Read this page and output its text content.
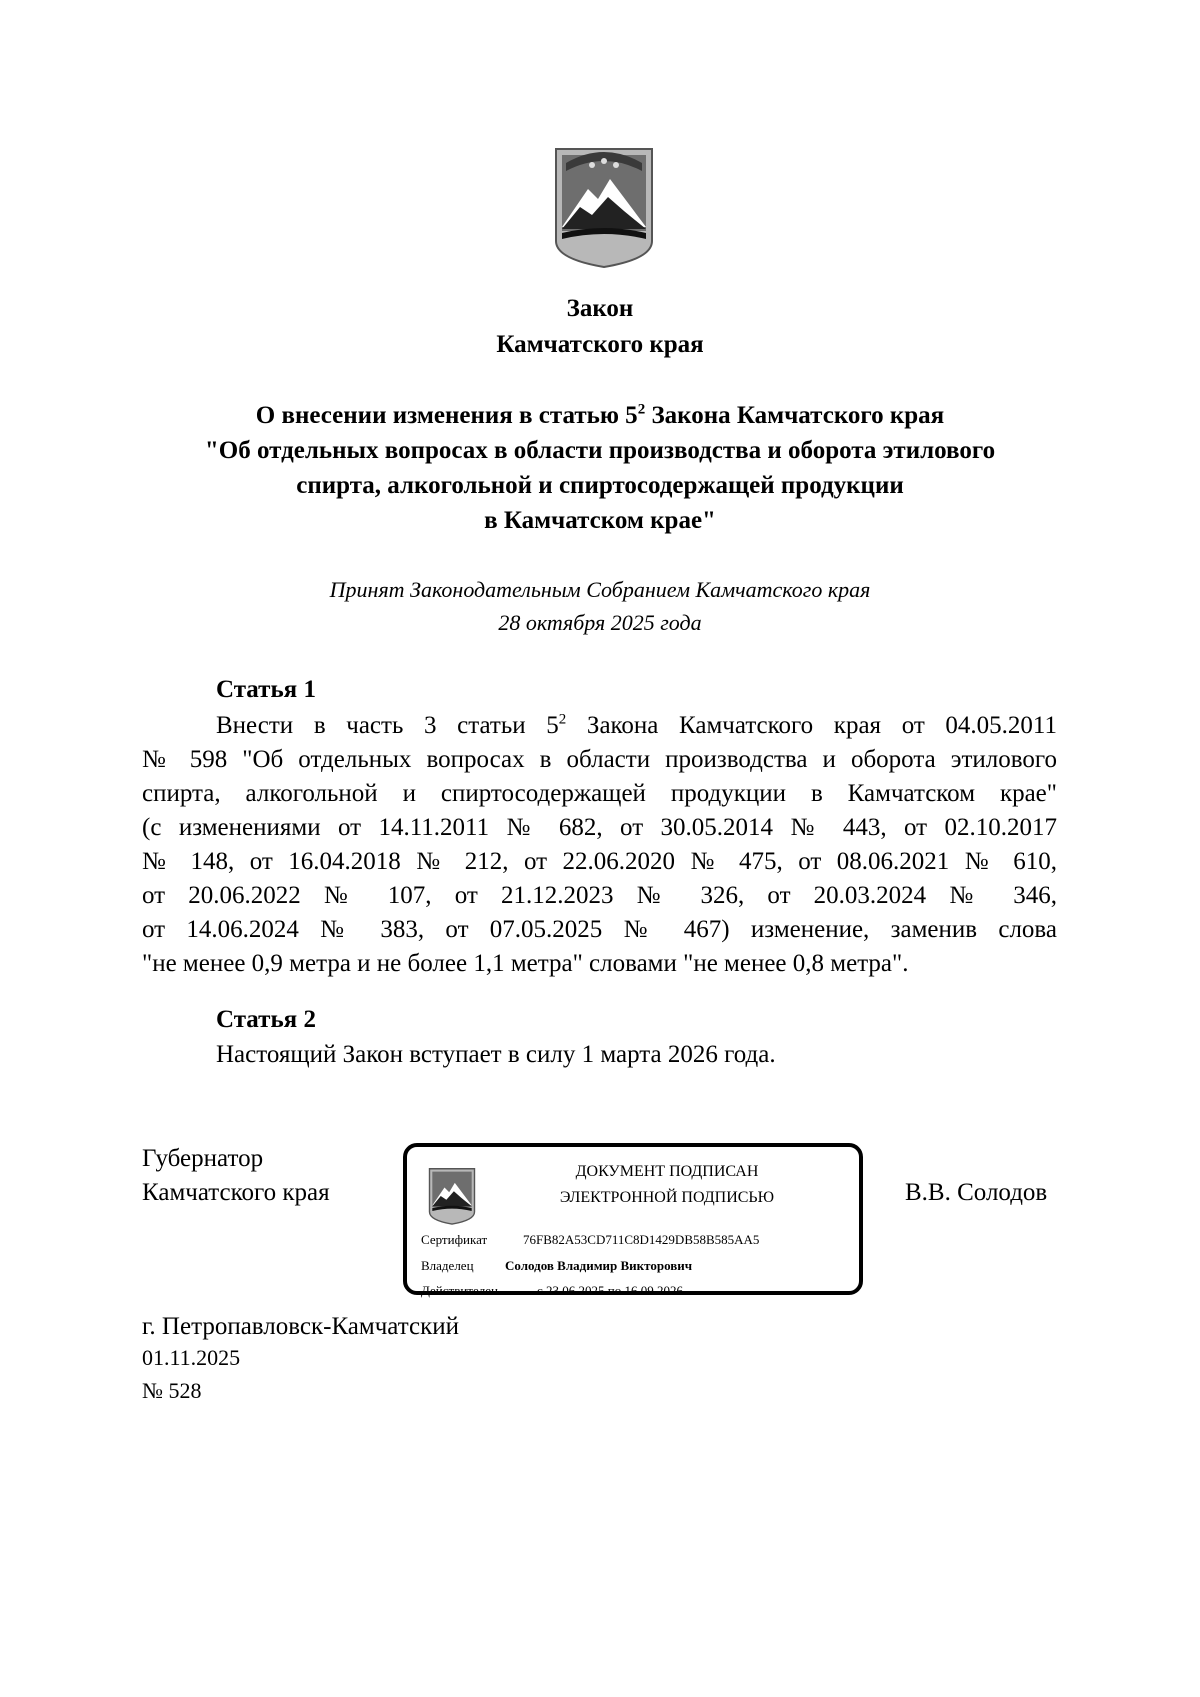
Закон
Камчатского края
О внесении изменения в статью $5^2$ Закона Камчатского края
"Об отдельных вопросах в области производства и оборота этилового
спирта, алкогольной и спиртосодержащей продукции
в Камчатском крае"
Принят Законодательным Собранием Камчатского края
28 октября 2025 года
Статья 1
Внести в часть 3 статьи $5^2$ Закона Камчатского края от 04.05.2011
№ 598 "Об отдельных вопросах в области производства и оборота этилового
спирта, алкогольной и спиртосодержащей продукции в Камчатском крае"
(с изменениями от 14.11.2011 № 682, от 30.05.2014 № 443, от 02.10.2017
№ 148, от 16.04.2018 № 212, от 22.06.2020 № 475, от 08.06.2021 № 610,
от 20.06.2022 № 107, от 21.12.2023 № 326, от 20.03.2024 № 346,
от 14.06.2024 № 383, от 07.05.2025 № 467) изменение, заменив слова
"не менее 0,9 метра и не более 1,1 метра" словами "не менее 0,8 метра".
Статья 2
Настоящий Закон вступает в силу 1 марта 2026 года.
Губернатор
Камчатского края
ДОКУМЕНТ ПОДПИСАН
ЭЛЕКТРОННОЙ ПОДПИСЬЮ
Сертификат	76FB82A53CD711C8D1429DB58B585AA5
Владелец Солодов Владимир Викторович
Действителен	с 23.06.2025 по 16.09.2026
В.В. Солодов
г. Петропавловск-Камчатский
01.11.2025
№ 528
